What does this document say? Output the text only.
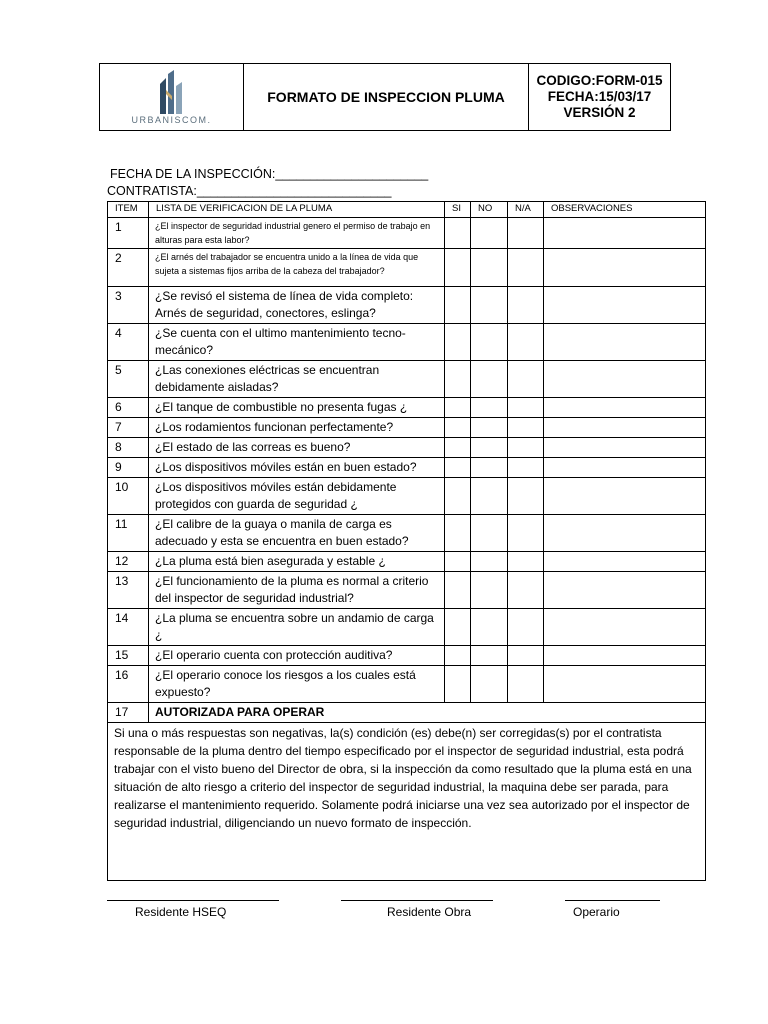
URBANISCOM.
	FORMATO DE INSPECCION PLUMA	
CODIGO:FORM-015
FECHA:15/03/17
VERSIÓN 2
FECHA DE LA INSPECCIÓN:______________________
CONTRATISTA:____________________________
ITEM	LISTA DE VERIFICACION DE LA PLUMA	SI	NO	N/A	OBSERVACIONES
1	¿El inspector de seguridad industrial genero el permiso de trabajo en alturas para esta labor?				
2	¿El arnés del trabajador se encuentra unido a la línea de vida que sujeta a sistemas fijos arriba de la cabeza del trabajador?				
3	¿Se revisó el sistema de línea de vida completo: Arnés de seguridad, conectores, eslinga?				
4	¿Se cuenta con el ultimo mantenimiento tecno-mecánico?				
5	¿Las conexiones eléctricas se encuentran debidamente aisladas?				
6	¿El tanque de combustible no presenta fugas ¿				
7	¿Los rodamientos funcionan perfectamente?				
8	¿El estado de las correas es bueno?				
9	¿Los dispositivos móviles están en buen estado?				
10	¿Los dispositivos móviles están debidamente protegidos con guarda de seguridad ¿				
11	¿El calibre de la guaya o manila de carga es adecuado y esta se encuentra en buen estado?				
12	¿La pluma está bien asegurada y estable ¿				
13	¿El funcionamiento de la pluma es normal a criterio del inspector de seguridad industrial?				
14	¿La pluma se encuentra sobre un andamio de carga ¿				
15	¿El operario cuenta con protección auditiva?				
16	¿El operario conoce los riesgos a los cuales está expuesto?				
17	AUTORIZADA PARA OPERAR				
Si una o más respuestas son negativas, la(s) condición (es) debe(n) ser corregidas(s) por el contratista responsable de la pluma dentro del tiempo especificado por el inspector de seguridad industrial, esta podrá trabajar con el visto bueno del Director de obra, si la inspección da como resultado que la pluma está en una situación de alto riesgo a criterio del inspector de seguridad industrial, la maquina debe ser parada, para realizarse el mantenimiento requerido. Solamente podrá iniciarse una vez sea autorizado por el inspector de seguridad industrial, diligenciando un nuevo formato de inspección.					
Residente HSEQ	Residente Obra	Operario
